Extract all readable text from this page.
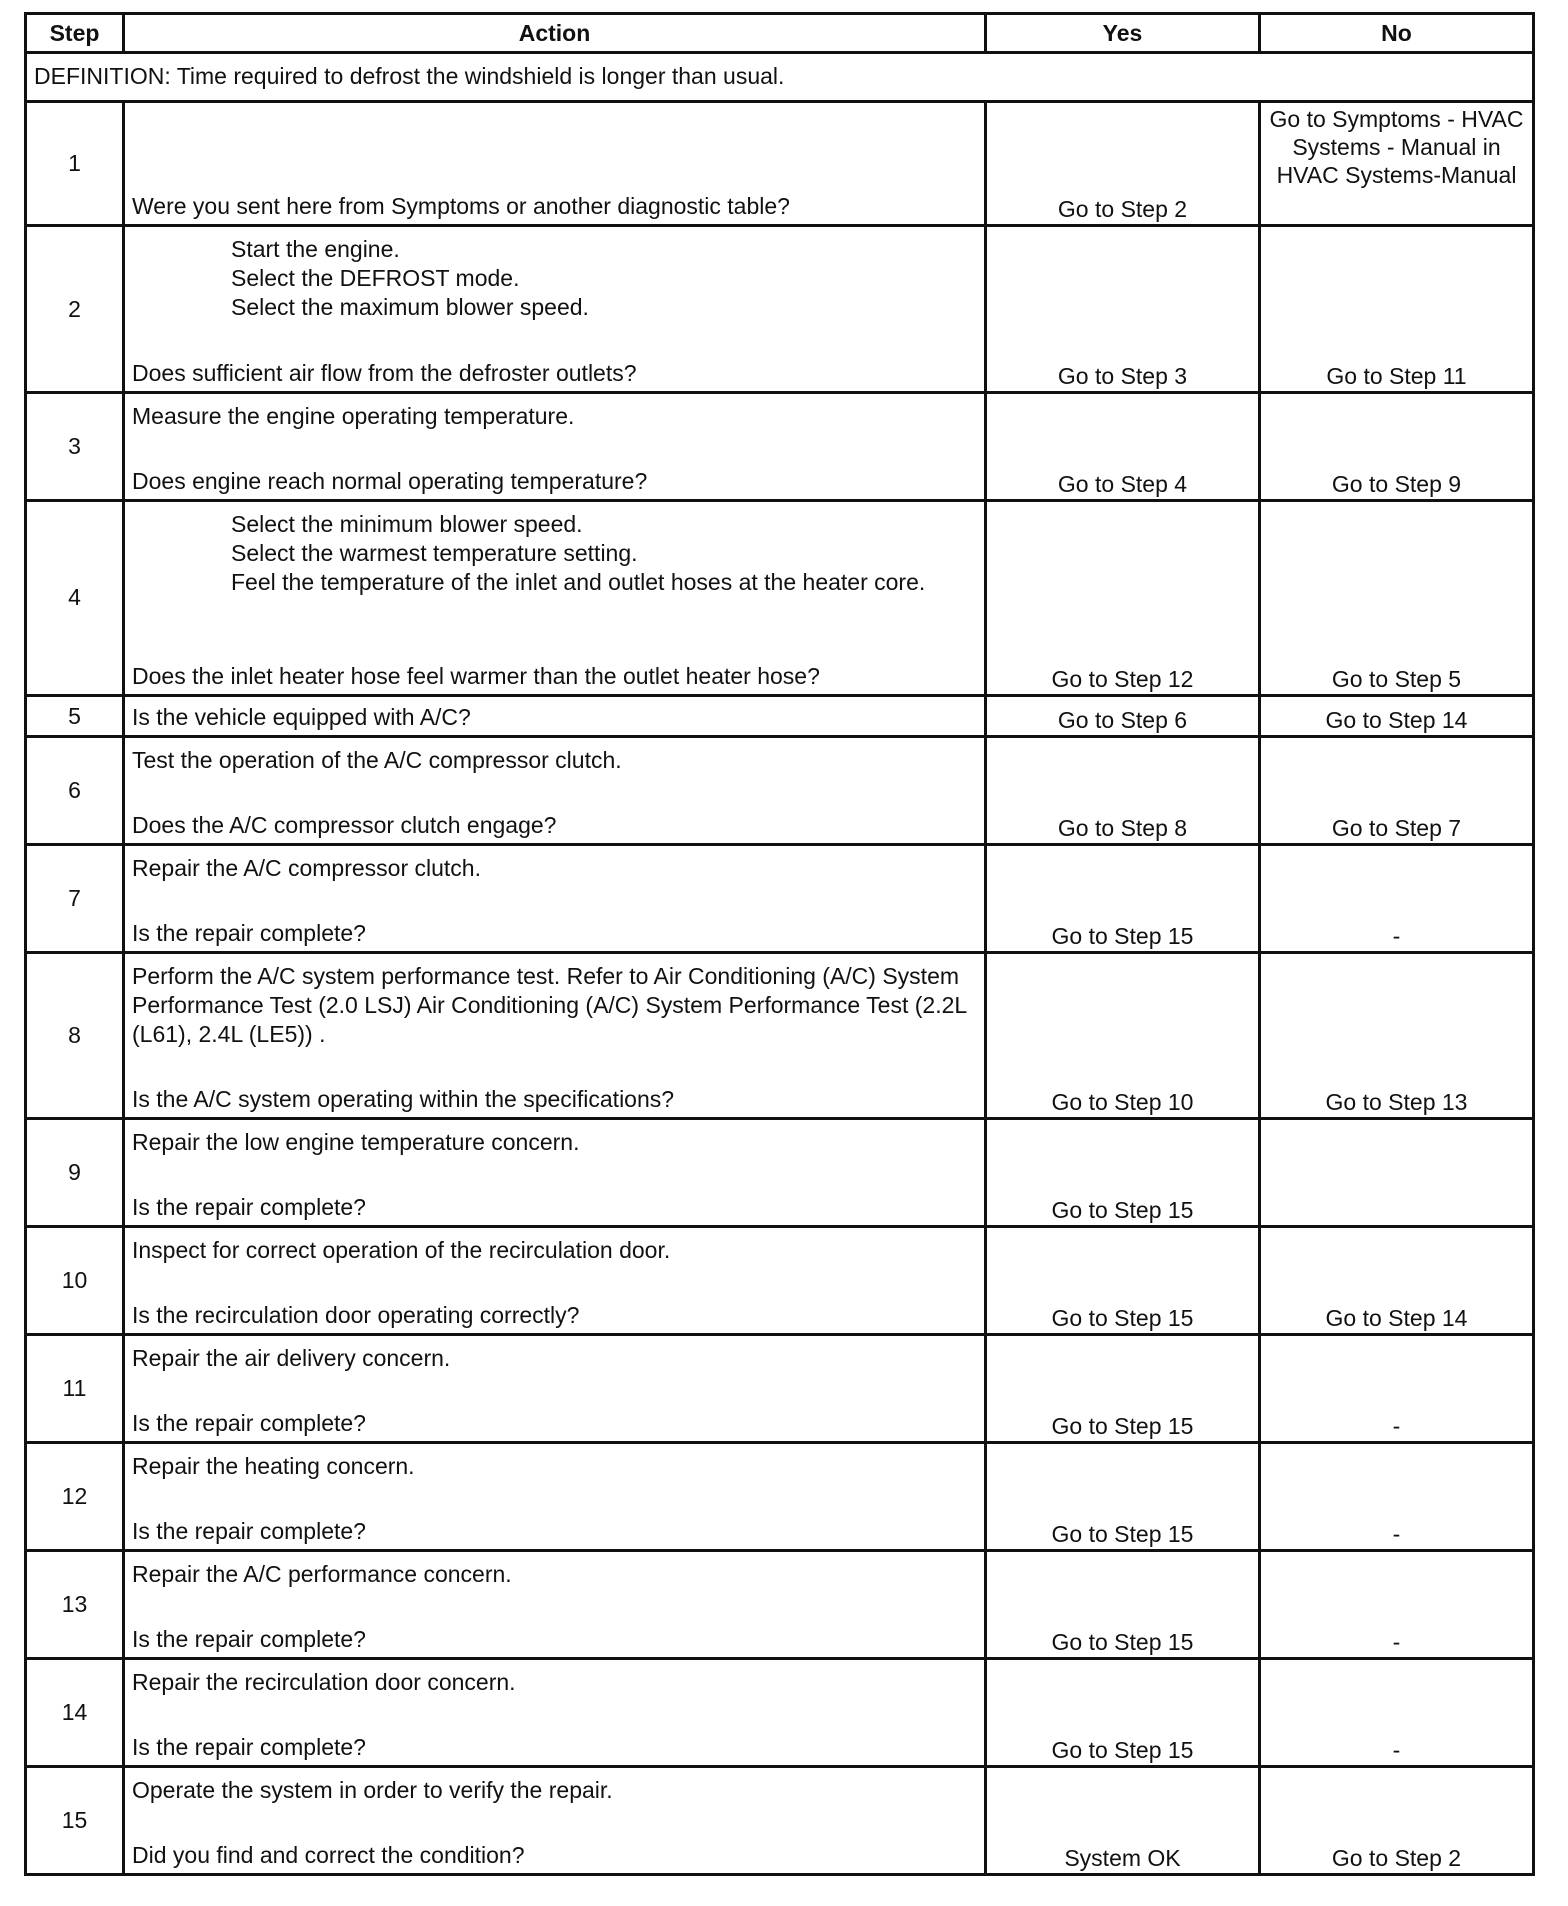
Step	Action	Yes	No
DEFINITION: Time required to defrost the windshield is longer than usual.			
1	Were you sent here from Symptoms or another diagnostic table?	Go to Step 2	Go to Symptoms - HVAC Systems - Manual in HVAC Systems-Manual
2	Start the engine.
Select the DEFROST mode.
Select the maximum blower speed.
Does sufficient air flow from the defroster outlets?	Go to Step 3	Go to Step 11
3	Measure the engine operating temperature.
Does engine reach normal operating temperature?	Go to Step 4	Go to Step 9
4	Select the minimum blower speed.
Select the warmest temperature setting.
Feel the temperature of the inlet and outlet hoses at the heater core.
Does the inlet heater hose feel warmer than the outlet heater hose?	Go to Step 12	Go to Step 5
5	Is the vehicle equipped with A/C?	Go to Step 6	Go to Step 14
6	Test the operation of the A/C compressor clutch.
Does the A/C compressor clutch engage?	Go to Step 8	Go to Step 7
7	Repair the A/C compressor clutch.
Is the repair complete?	Go to Step 15	-
8	Perform the A/C system performance test. Refer to Air Conditioning (A/C) System Performance Test (2.0 LSJ) Air Conditioning (A/C) System Performance Test (2.2L (L61), 2.4L (LE5)) .
Is the A/C system operating within the specifications?	Go to Step 10	Go to Step 13
9	Repair the low engine temperature concern.
Is the repair complete?	Go to Step 15	
10	Inspect for correct operation of the recirculation door.
Is the recirculation door operating correctly?	Go to Step 15	Go to Step 14
11	Repair the air delivery concern.
Is the repair complete?	Go to Step 15	-
12	Repair the heating concern.
Is the repair complete?	Go to Step 15	-
13	Repair the A/C performance concern.
Is the repair complete?	Go to Step 15	-
14	Repair the recirculation door concern.
Is the repair complete?	Go to Step 15	-
15	Operate the system in order to verify the repair.
Did you find and correct the condition?	System OK	Go to Step 2
